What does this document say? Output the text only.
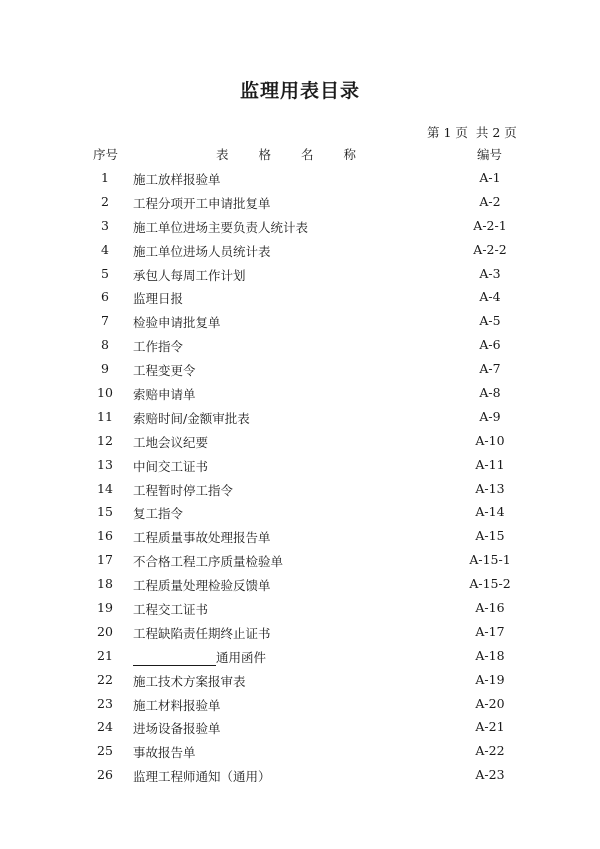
监理用表目录
第 1 页  共 2 页
序号	表格名称	编号
1	施工放样报验单	A-1
2	工程分项开工申请批复单	A-2
3	施工单位进场主要负责人统计表	A-2-1
4	施工单位进场人员统计表	A-2-2
5	承包人每周工作计划	A-3
6	监理日报	A-4
7	检验申请批复单	A-5
8	工作指令	A-6
9	工程变更令	A-7
10	索赔申请单	A-8
11	索赔时间/金额审批表	A-9
12	工地会议纪要	A-10
13	中间交工证书	A-11
14	工程暂时停工指令	A-13
15	复工指令	A-14
16	工程质量事故处理报告单	A-15
17	不合格工程工序质量检验单	A-15-1
18	工程质量处理检验反馈单	A-15-2
19	工程交工证书	A-16
20	工程缺陷责任期终止证书	A-17
21	通用函件	A-18
22	施工技术方案报审表	A-19
23	施工材料报验单	A-20
24	进场设备报验单	A-21
25	事故报告单	A-22
26	监理工程师通知（通用）	A-23
